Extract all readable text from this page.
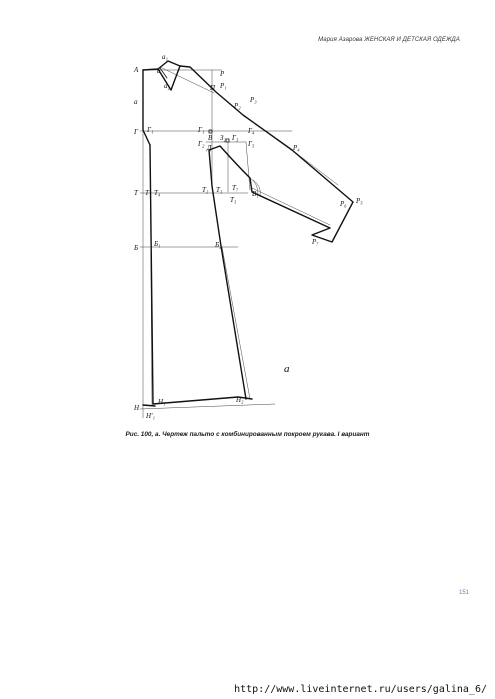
Мария Азарова ЖЕНСКАЯ И ДЕТСКАЯ ОДЕЖДА
А
а₁
а
а₂
Р
Р₁
П
Р₃
Р₂
а
Г Г₁	Г₁
Г₂
В
Д
З₂ Г₃
Г₄
Г₅	Р₄
Р₅
Р₆
Р₇
В₁
Т Т₁ Т₄	Т₂ Т₃ Т₇
Т₃
Б Б₁	Б₂
Н
Н₁
Н'₁
Н₂
а
Рис. 100, а. Чертеж пальто с комбинированным покроем рукава. I вариант
151
http://www.liveinternet.ru/users/galina_6/
